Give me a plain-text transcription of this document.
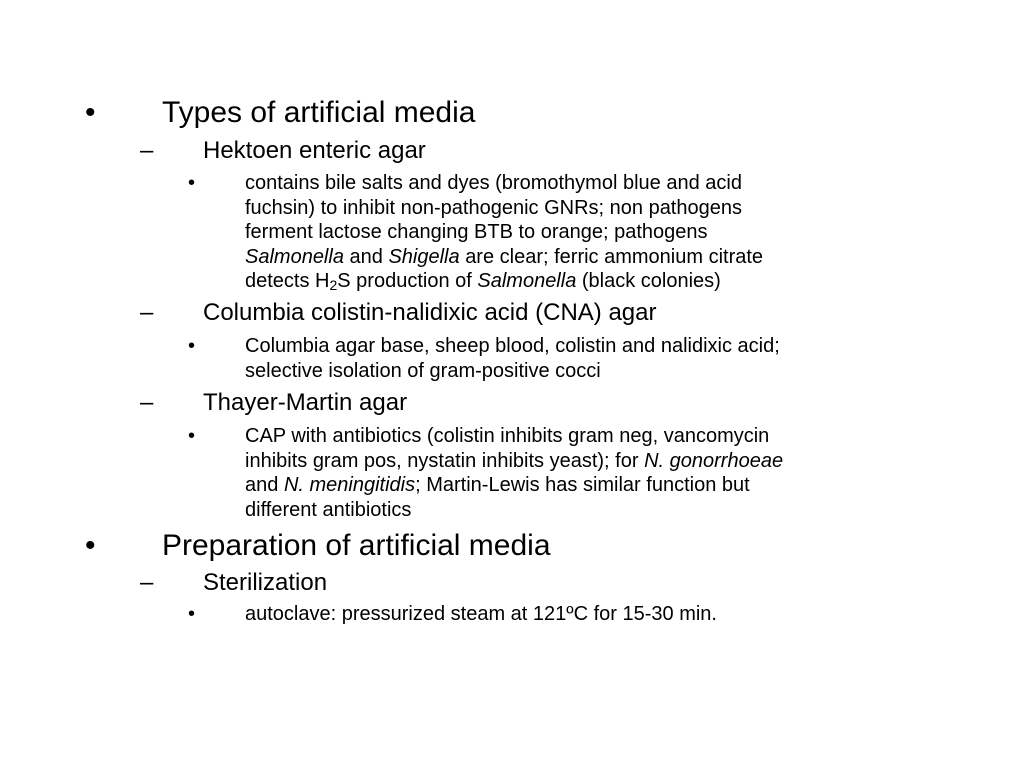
• Types of artificial media
– Hektoen enteric agar
• contains bile salts and dyes (bromothymol blue and acid
fuchsin) to inhibit non-pathogenic GNRs; non pathogens
ferment lactose changing BTB to orange; pathogens
Salmonella and Shigella are clear; ferric ammonium citrate
detects $H_2S$ production of Salmonella (black colonies)
– Columbia colistin-nalidixic acid (CNA) agar
• Columbia agar base, sheep blood, colistin and nalidixic acid;
selective isolation of gram-positive cocci
– Thayer-Martin agar
• CAP with antibiotics (colistin inhibits gram neg, vancomycin
inhibits gram pos, nystatin inhibits yeast); for N. gonorrhoeae
and N. meningitidis; Martin-Lewis has similar function but
different antibiotics
• Preparation of artificial media
– Sterilization
• autoclave: pressurized steam at 121ºC for 15-30 min.
